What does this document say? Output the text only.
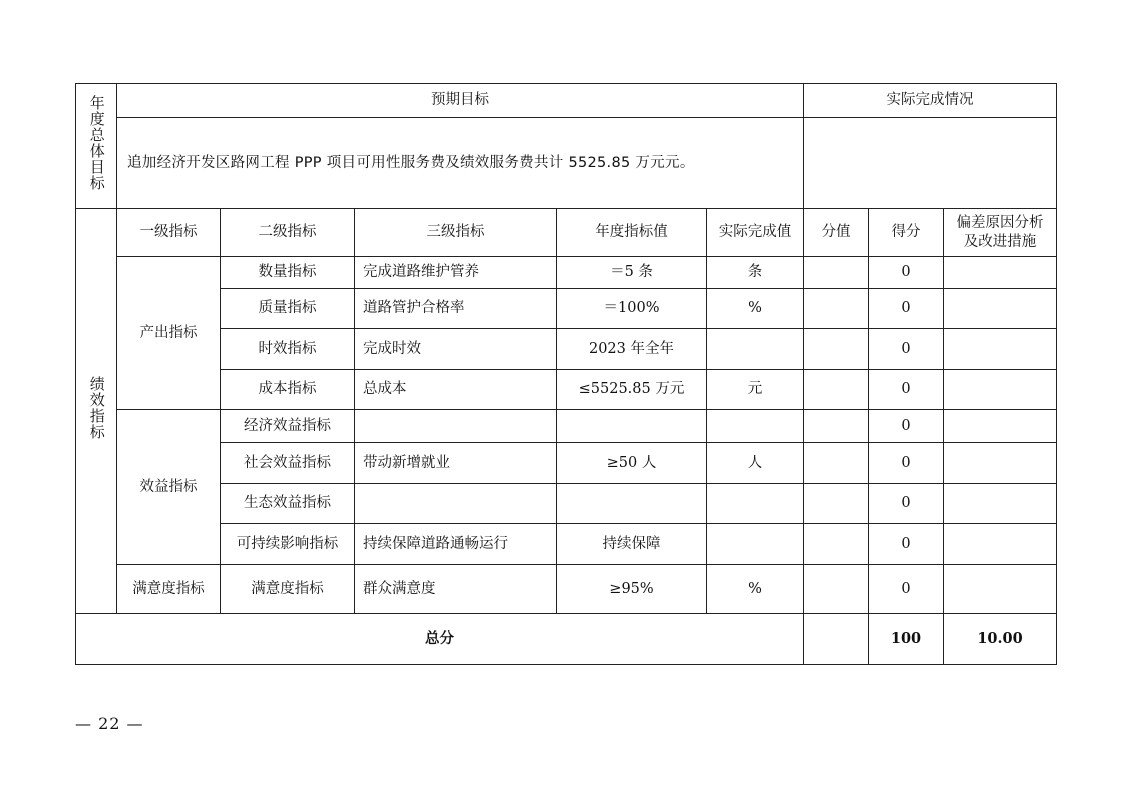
年度总体目标	预期目标					实际完成情况			
	追加经济开发区路网工程 PPP 项目可用性服务费及绩效服务费共计 5525.85 万元元。								
绩效指标	一级指标	二级指标	三级指标	年度指标值	实际完成值	分值	得分	偏差原因分析及改进措施	
	产出指标	数量指标	完成道路维护管养	＝5 条	条		0		
		质量指标	道路管护合格率	＝100%	%		0		
		时效指标	完成时效	2023 年全年			0		
		成本指标	总成本	≤5525.85 万元	元		0		
	效益指标	经济效益指标					0		
		社会效益指标	带动新增就业	≥50 人	人		0		
		生态效益指标					0		
		可持续影响指标	持续保障道路通畅运行	持续保障			0		
	满意度指标	满意度指标	群众满意度	≥95%	%		0		
总分							100	10.00	
— 22 —
